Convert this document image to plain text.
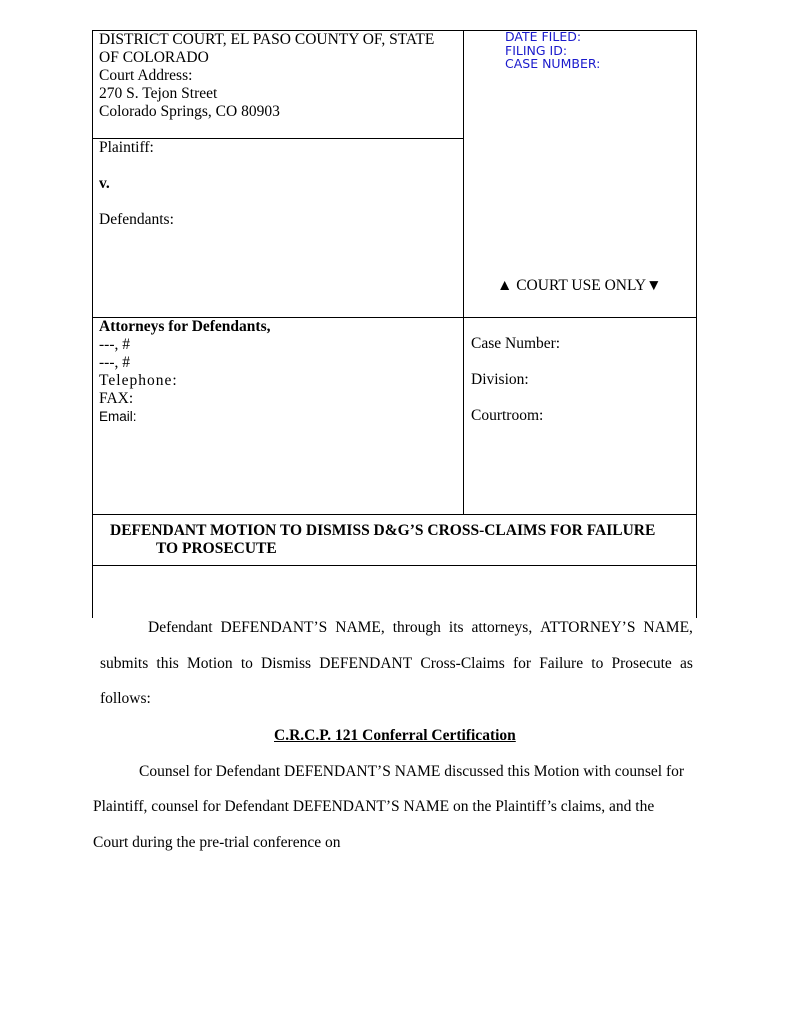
DISTRICT COURT, EL PASO COUNTY OF, STATE
OF COLORADO
Court Address:
270 S. Tejon Street
Colorado Springs, CO 80903
DATE FILED:
FILING ID:
CASE NUMBER:
Plaintiff:
v.
Defendants:
▲ COURT USE ONLY▼
Attorneys for Defendants,
---, #
---, #
Telephone:
FAX:
Email:
Case Number:
Division:
Courtroom:
DEFENDANT MOTION TO DISMISS D&G’S CROSS-CLAIMS FOR FAILURE
TO PROSECUTE
Defendant DEFENDANT’S NAME, through its attorneys, ATTORNEY’S NAME,
submits this Motion to Dismiss DEFENDANT Cross-Claims for Failure to Prosecute as
follows:
C.R.C.P. 121 Conferral Certification
Counsel for Defendant DEFENDANT’S NAME discussed this Motion with counsel for
Plaintiff, counsel for Defendant DEFENDANT’S NAME on the Plaintiff’s claims, and the
Court during the pre-trial conference on
